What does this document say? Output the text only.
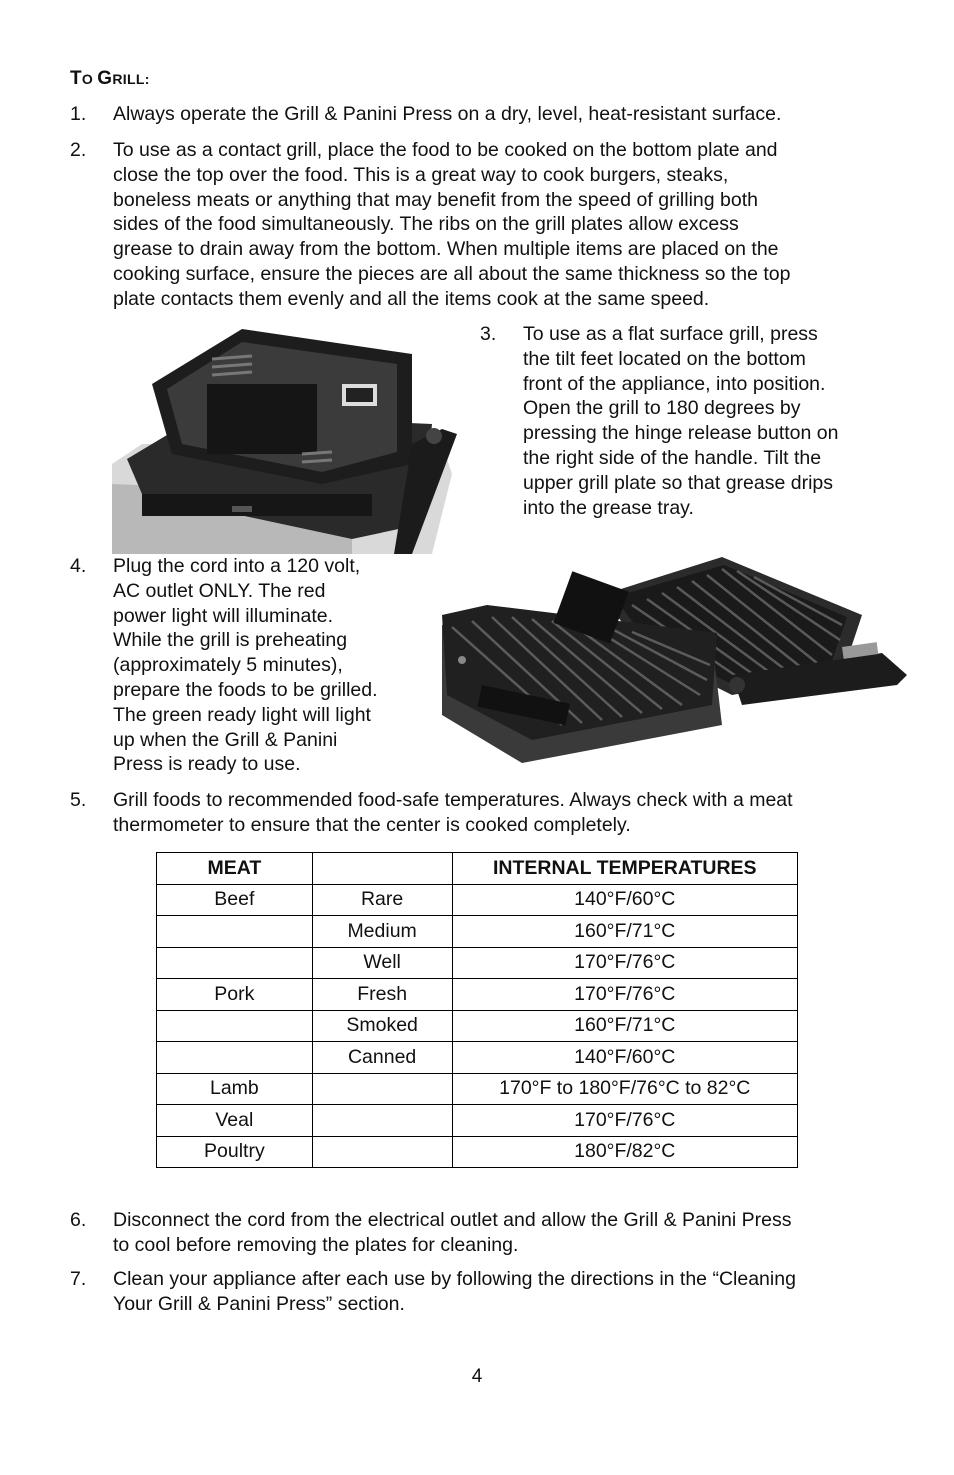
TO GRILL:
1. Always operate the Grill & Panini Press on a dry, level, heat-resistant surface.
2. To use as a contact grill, place the food to be cooked on the bottom plate and
close the top over the food. This is a great way to cook burgers, steaks,
boneless meats or anything that may benefit from the speed of grilling both
sides of the food simultaneously. The ribs on the grill plates allow excess
grease to drain away from the bottom. When multiple items are placed on the
cooking surface, ensure the pieces are all about the same thickness so the top
plate contacts them evenly and all the items cook at the same speed.
3. To use as a flat surface grill, press
the tilt feet located on the bottom
front of the appliance, into position.
Open the grill to 180 degrees by
pressing the hinge release button on
the right side of the handle. Tilt the
upper grill plate so that grease drips
into the grease tray.
4. Plug the cord into a 120 volt,
AC outlet ONLY. The red
power light will illuminate.
While the grill is preheating
(approximately 5 minutes),
prepare the foods to be grilled.
The green ready light will light
up when the Grill & Panini
Press is ready to use.
5. Grill foods to recommended food-safe temperatures. Always check with a meat
thermometer to ensure that the center is cooked completely.
MEAT		INTERNAL TEMPERATURES
Beef	Rare	140°F/60°C
	Medium	160°F/71°C
	Well	170°F/76°C
Pork	Fresh	170°F/76°C
	Smoked	160°F/71°C
	Canned	140°F/60°C
Lamb		170°F to 180°F/76°C to 82°C
Veal		170°F/76°C
Poultry		180°F/82°C
6. Disconnect the cord from the electrical outlet and allow the Grill & Panini Press
to cool before removing the plates for cleaning.
7. Clean your appliance after each use by following the directions in the “Cleaning
Your Grill & Panini Press” section.
4
